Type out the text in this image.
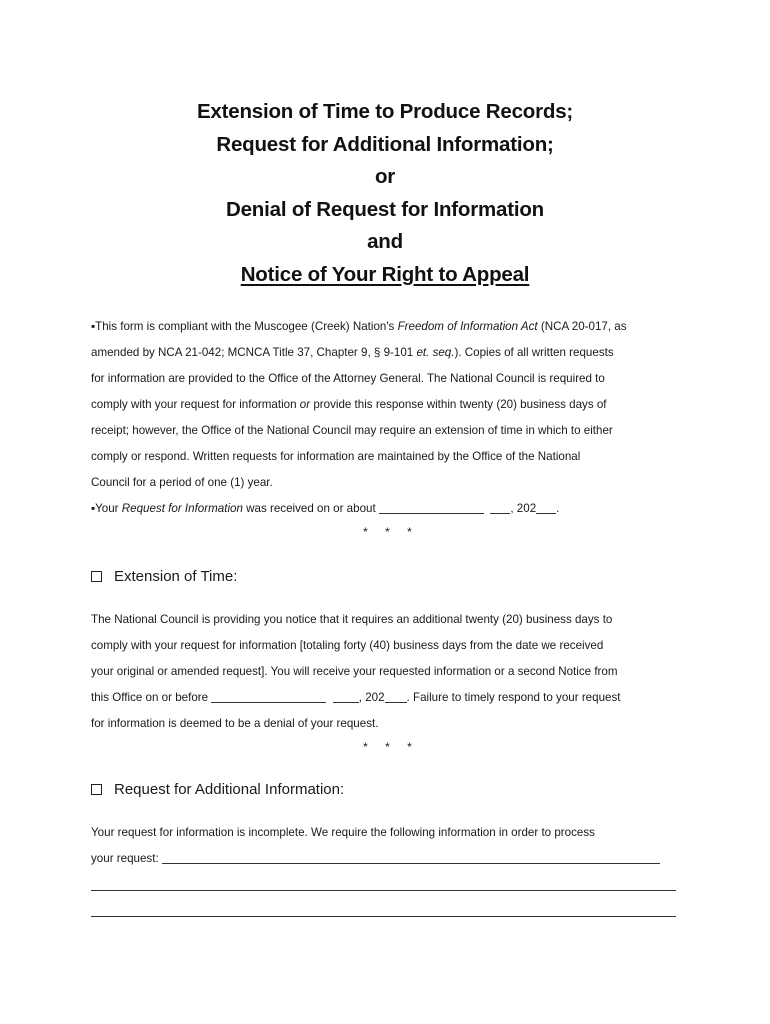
Extension of Time to Produce Records;
Request for Additional Information;
or
Denial of Request for Information
and
Notice of Your Right to Appeal
▪This form is compliant with the Muscogee (Creek) Nation's Freedom of Information Act (NCA 20-017, as
amended by NCA 21-042; MCNCA Title 37, Chapter 9, § 9-101 et. seq.). Copies of all written requests
for information are provided to the Office of the Attorney General. The National Council is required to
comply with your request for information or provide this response within twenty (20) business days of
receipt; however, the Office of the National Council may require an extension of time in which to either
comply or respond. Written requests for information are maintained by the Office of the National
Council for a period of one (1) year.
▪Your Request for Information was received on or about	, 202 .
* * *
Extension of Time:
The National Council is providing you notice that it requires an additional twenty (20) business days to
comply with your request for information [totaling forty (40) business days from the date we received
your original or amended request]. You will receive your requested information or a second Notice from
this Office on or before	, 202 . Failure to timely respond to your request
for information is deemed to be a denial of your request.
* * *
Request for Additional Information:
Your request for information is incomplete. We require the following information in order to process
your request:
